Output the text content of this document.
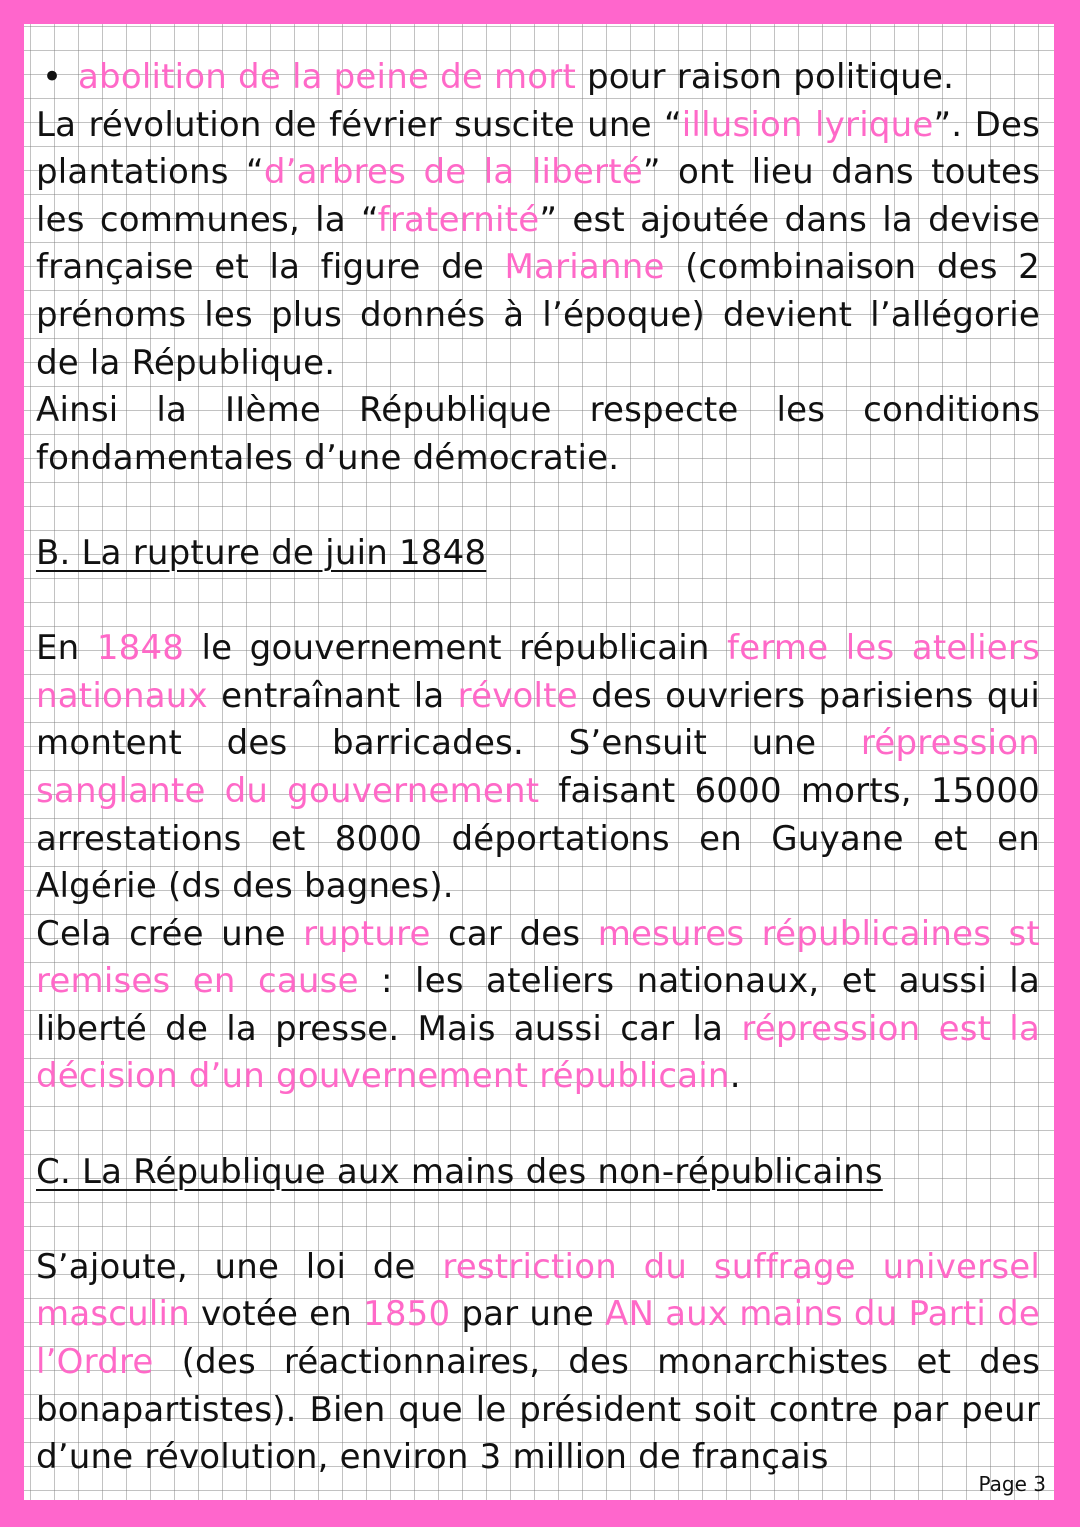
• abolition de la peine de mort pour raison politique.

La révolution de février suscite une “illusion lyrique”. Des plantations “d’arbres de la liberté” ont lieu dans toutes les communes, la “fraternité” est ajoutée dans la devise française et la figure de Marianne (combinaison des 2 prénoms les plus donnés à l’époque) devient l’allégorie de la République.

Ainsi la IIème République respecte les conditions fondamentales d’une démocratie.

B. La rupture de juin 1848

En 1848 le gouvernement républicain ferme les ateliers nationaux entraînant la révolte des ouvriers parisiens qui montent des barricades. S’ensuit une répression sanglante du gouvernement faisant 6000 morts, 15000 arrestations et 8000 déportations en Guyane et en Algérie (ds des bagnes).

Cela crée une rupture car des mesures républicaines st remises en cause : les ateliers nationaux, et aussi la liberté de la presse. Mais aussi car la répression est la décision d’un gouvernement républicain.

C. La République aux mains des non-républicains

S’ajoute, une loi de restriction du suffrage universel masculin votée en 1850 par une AN aux mains du Parti de l’Ordre (des réactionnaires, des monarchistes et des bonapartistes). Bien que le président soit contre par peur d’une révolution, environ 3 million de français

Page 3
